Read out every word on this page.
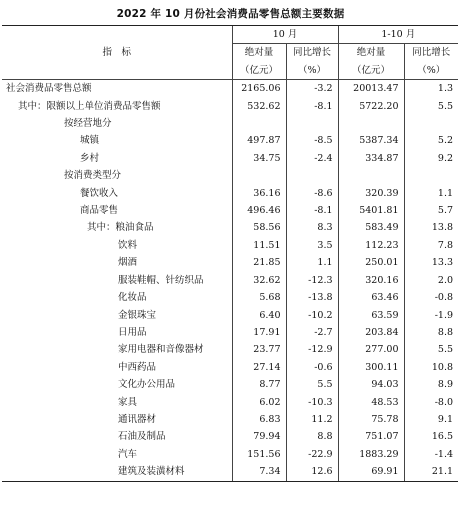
2022 年 10 月份社会消费品零售总额主要数据
指　标	10 月		1-10 月	
	绝对量	同比增长	绝对量	同比增长
	（亿元）	（%）	（亿元）	（%）
社会消费品零售总额	2165.06	-3.2	20013.47	1.3
其中：限额以上单位消费品零售额	532.62	-8.1	5722.20	5.5
按经营地分				
城镇	497.87	-8.5	5387.34	5.2
乡村	34.75	-2.4	334.87	9.2
按消费类型分				
餐饮收入	36.16	-8.6	320.39	1.1
商品零售	496.46	-8.1	5401.81	5.7
其中：粮油食品	58.56	8.3	583.49	13.8
饮料	11.51	3.5	112.23	7.8
烟酒	21.85	1.1	250.01	13.3
服装鞋帽、针纺织品	32.62	-12.3	320.16	2.0
化妆品	5.68	-13.8	63.46	-0.8
金银珠宝	6.40	-10.2	63.59	-1.9
日用品	17.91	-2.7	203.84	8.8
家用电器和音像器材	23.77	-12.9	277.00	5.5
中西药品	27.14	-0.6	300.11	10.8
文化办公用品	8.77	5.5	94.03	8.9
家具	6.02	-10.3	48.53	-8.0
通讯器材	6.83	11.2	75.78	9.1
石油及制品	79.94	8.8	751.07	16.5
汽车	151.56	-22.9	1883.29	-1.4
建筑及装潢材料	7.34	12.6	69.91	21.1
